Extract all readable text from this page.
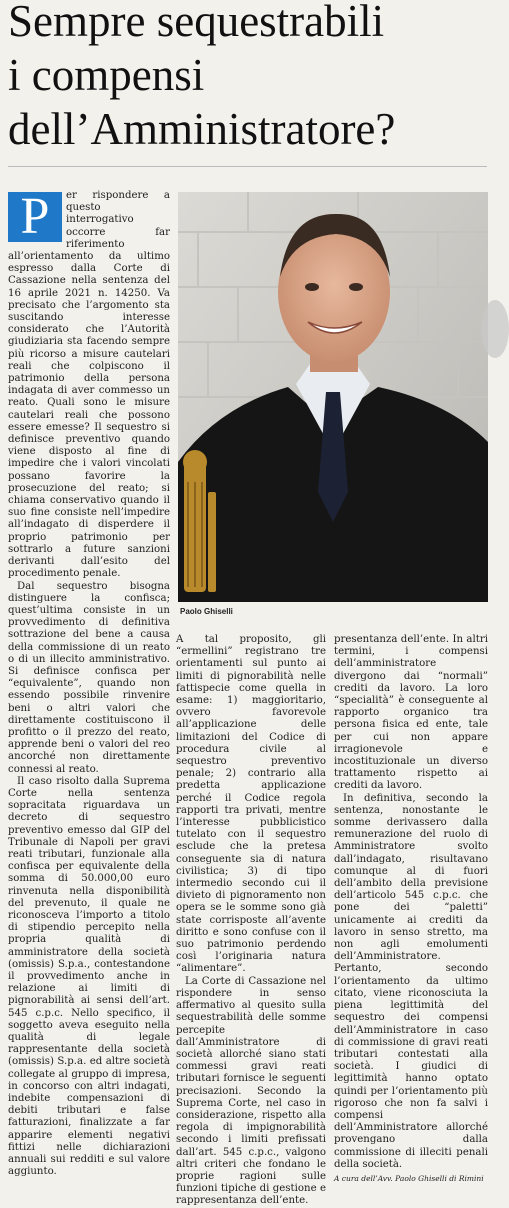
Sempre sequestrabili
i compensi
dell’Amministratore?

P	er rispondere a questo interrogativo occorre far riferimento all’orientamento da ultimo espresso dalla Corte di Cassazione nella sentenza del 16 aprile 2021 n. 14250. Va precisato che l’argomento sta suscitando interesse considerato che l’Autorità giudiziaria sta facendo sempre più ricorso a misure cautelari reali che colpiscono il patrimonio della persona indagata di aver commesso un reato. Quali sono le misure cautelari reali che possono essere emesse? Il sequestro si definisce preventivo quando viene disposto al fine di impedire che i valori vincolati possano favorire la prosecuzione del reato; si chiama conservativo quando il suo fine consiste nell’impedire all’indagato di disperdere il proprio patrimonio per sottrarlo a future sanzioni derivanti dall’esito del procedimento penale.

Dal sequestro bisogna distinguere la confisca; quest’ultima consiste in un provvedimento di definitiva sottrazione del bene a causa della commissione di un reato o di un illecito amministrativo. Si definisce confisca per “equivalente”, quando non essendo possibile rinvenire beni o altri valori che direttamente costituiscono il profitto o il prezzo del reato, apprende beni o valori del reo ancorché non direttamente connessi al reato.

Il caso risolto dalla Suprema Corte nella sentenza sopracitata riguardava un decreto di sequestro preventivo emesso dal GIP del Tribunale di Napoli per gravi reati tributari, funzionale alla confisca per equivalente della somma di 50.000,00 euro rinvenuta nella disponibilità del prevenuto, il quale ne riconosceva l’importo a titolo di stipendio percepito nella propria qualità di amministratore della società (omissis) S.p.a., contestandone il provvedimento anche in relazione ai limiti di pignorabilità ai sensi dell’art. 545 c.p.c. Nello specifico, il soggetto aveva eseguito nella qualità di legale rappresentante della società (omissis) S.p.a. ed altre società collegate al gruppo di impresa, in concorso con altri indagati, indebite compensazioni di debiti tributari e false fatturazioni, finalizzate a far apparire elementi negativi fittizi nelle dichiarazioni annuali sui redditi e sul valore aggiunto.

Paolo Ghiselli

A tal proposito, gli “ermellini” registrano tre orientamenti sul punto ai limiti di pignorabilità nelle fattispecie come quella in esame: 1) maggioritario, ovvero favorevole all’applicazione delle limitazioni del Codice di procedura civile al sequestro preventivo penale; 2) contrario alla predetta applicazione perché il Codice regola rapporti tra privati, mentre l’interesse pubblicistico tutelato con il sequestro esclude che la pretesa conseguente sia di natura civilistica; 3) di tipo intermedio secondo cui il divieto di pignoramento non opera se le somme sono già state corrisposte all’avente diritto e sono confuse con il suo patrimonio perdendo così l’originaria natura “alimentare”.

La Corte di Cassazione nel rispondere in senso affermativo al quesito sulla sequestrabilità delle somme percepite dall’Amministratore di società allorché siano stati commessi gravi reati tributari fornisce le seguenti precisazioni. Secondo la Suprema Corte, nel caso in considerazione, rispetto alla regola di impignorabilità secondo i limiti prefissati dall’art. 545 c.p.c., valgono altri criteri che fondano le proprie ragioni sulle funzioni tipiche di gestione e rappresentanza dell’ente.

presentanza dell’ente. In altri termini, i compensi dell’amministratore divergono dai “normali” crediti da lavoro. La loro “specialità” è conseguente al rapporto organico tra persona fisica ed ente, tale per cui non appare irragionevole e incostituzionale un diverso trattamento rispetto ai crediti da lavoro.

In definitiva, secondo la sentenza, nonostante le somme derivassero dalla remunerazione del ruolo di Amministratore svolto dall’indagato, risultavano comunque al di fuori dell’ambito della previsione dell’articolo 545 c.p.c. che pone dei “paletti” unicamente ai crediti da lavoro in senso stretto, ma non agli emolumenti dell’Amministratore. Pertanto, secondo l’orientamento da ultimo citato, viene riconosciuta la piena legittimità del sequestro dei compensi dell’Amministratore in caso di commissione di gravi reati tributari contestati alla società. I giudici di legittimità hanno optato quindi per l’orientamento più rigoroso che non fa salvi i compensi dell’Amministratore allorché provengano dalla commissione di illeciti penali della società.

A cura dell’Avv. Paolo Ghiselli di Rimini
